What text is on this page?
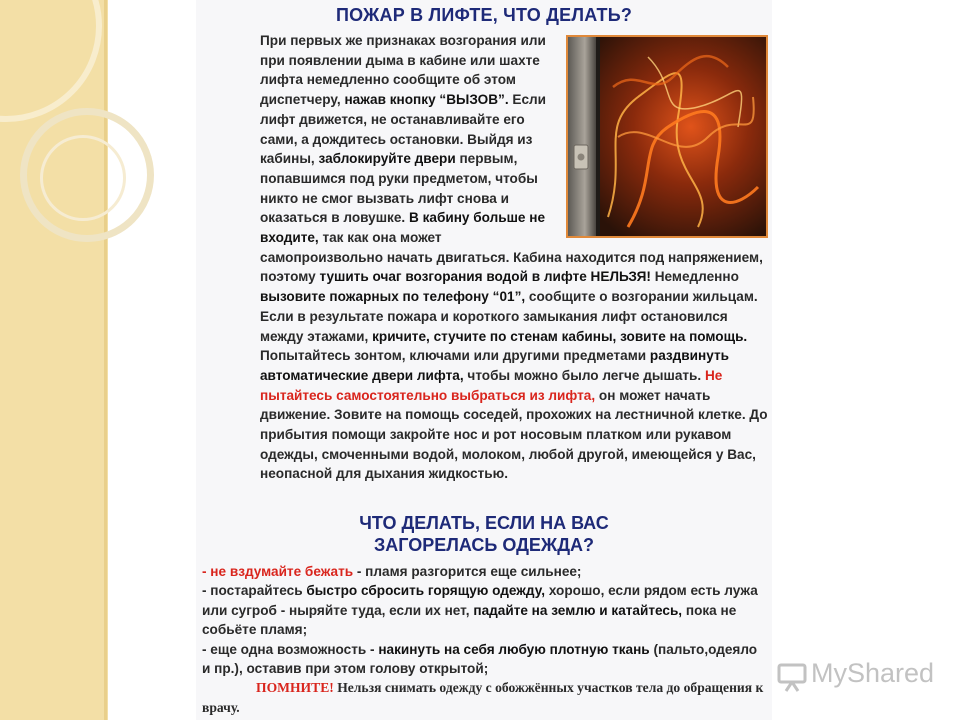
ПОЖАР В ЛИФТЕ, ЧТО ДЕЛАТЬ?
При первых же признаках возгорания или при появлении дыма в кабине или шахте лифта немедленно сообщите об этом диспетчеру, нажав кнопку “ВЫЗОВ”. Если лифт движется, не останавливайте его сами, а дождитесь остановки. Выйдя из кабины, заблокируйте двери первым, попавшимся под руки предметом, чтобы никто не смог вызвать лифт снова и оказаться в ловушке. В кабину больше не входите, так как она может самопроизвольно начать двигаться. Кабина находится под напряжением, поэтому тушить очаг возгорания водой в лифте НЕЛЬЗЯ! Немедленно вызовите пожарных по телефону “01”, сообщите о возгорании жильцам.
Если в результате пожара и короткого замыкания лифт остановился между этажами, кричите, стучите по стенам кабины, зовите на помощь. Попытайтесь зонтом, ключами или другими предметами раздвинуть автоматические двери лифта, чтобы можно было легче дышать. Не пытайтесь самостоятельно выбраться из лифта, он может начать движение. Зовите на помощь соседей, прохожих на лестничной клетке. До прибытия помощи закройте нос и рот носовым платком или рукавом одежды, смоченными водой, молоком, любой другой, имеющейся у Вас, неопасной для дыхания жидкостью.
ЧТО ДЕЛАТЬ, ЕСЛИ НА ВАС
ЗАГОРЕЛАСЬ ОДЕЖДА?
- не вздумайте бежать - пламя разгорится еще сильнее;
- постарайтесь быстро сбросить горящую одежду, хорошо, если рядом есть лужа или сугроб - ныряйте туда, если их нет, падайте на землю и катайтесь, пока не собьёте пламя;
- еще одна возможность - накинуть на себя любую плотную ткань (пальто,одеяло и пр.), оставив при этом голову открытой;
ПОМНИТЕ! Нельзя снимать одежду с обожжённых участков тела до обращения к врачу.
MyShared
